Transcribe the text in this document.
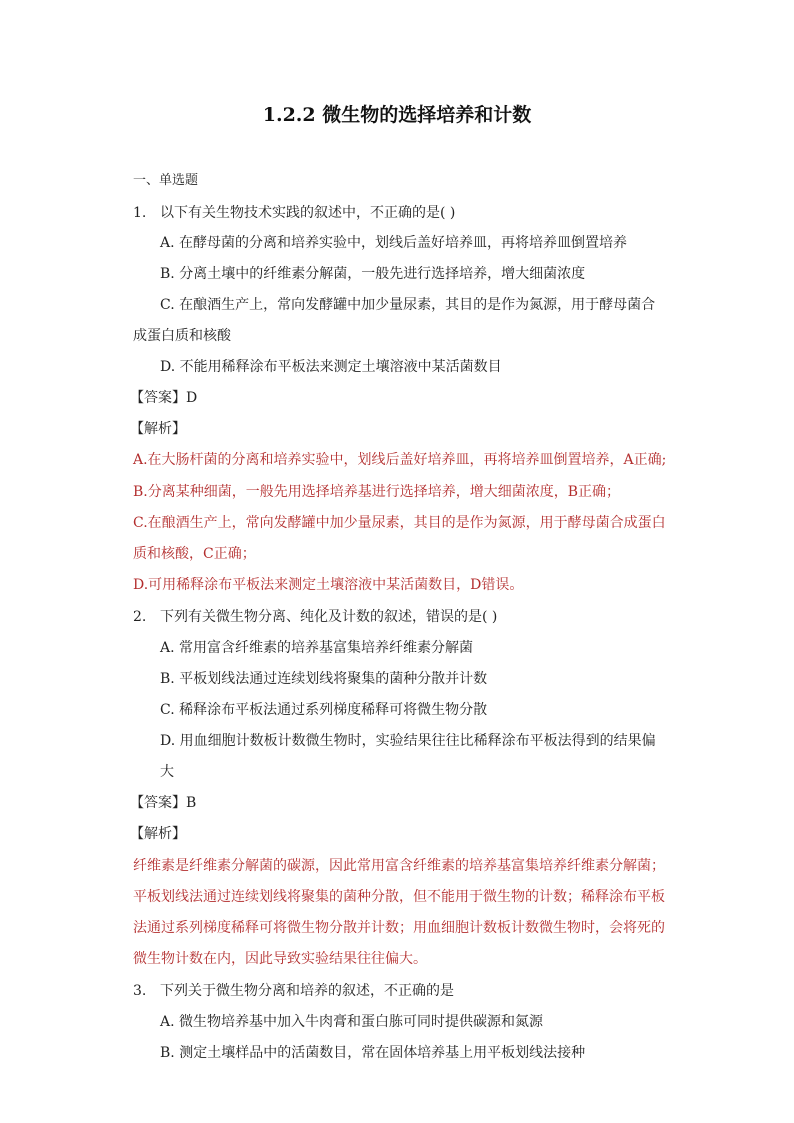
1.2.2 微生物的选择培养和计数
一、单选题
1. 以下有关生物技术实践的叙述中，不正确的是( )
A. 在酵母菌的分离和培养实验中，划线后盖好培养皿，再将培养皿倒置培养
B. 分离土壤中的纤维素分解菌，一般先进行选择培养，增大细菌浓度
C. 在酿酒生产上，常向发酵罐中加少量尿素，其目的是作为氮源，用于酵母菌合
成蛋白质和核酸
D. 不能用稀释涂布平板法来测定土壤溶液中某活菌数目
【答案】D
【解析】
A.在大肠杆菌的分离和培养实验中，划线后盖好培养皿，再将培养皿倒置培养，A正确;
B.分离某种细菌，一般先用选择培养基进行选择培养，增大细菌浓度，B正确；
C.在酿酒生产上，常向发酵罐中加少量尿素，其目的是作为氮源，用于酵母菌合成蛋白
质和核酸，C正确；
D.可用稀释涂布平板法来测定土壤溶液中某活菌数目，D错误。
2. 下列有关微生物分离、纯化及计数的叙述，错误的是( )
A. 常用富含纤维素的培养基富集培养纤维素分解菌
B. 平板划线法通过连续划线将聚集的菌种分散并计数
C. 稀释涂布平板法通过系列梯度稀释可将微生物分散
D. 用血细胞计数板计数微生物时，实验结果往往比稀释涂布平板法得到的结果偏
大
【答案】B
【解析】
纤维素是纤维素分解菌的碳源，因此常用富含纤维素的培养基富集培养纤维素分解菌；
平板划线法通过连续划线将聚集的菌种分散，但不能用于微生物的计数；稀释涂布平板
法通过系列梯度稀释可将微生物分散并计数；用血细胞计数板计数微生物时，会将死的
微生物计数在内，因此导致实验结果往往偏大。
3. 下列关于微生物分离和培养的叙述，不正确的是
A. 微生物培养基中加入牛肉膏和蛋白胨可同时提供碳源和氮源
B. 测定土壤样品中的活菌数目，常在固体培养基上用平板划线法接种
